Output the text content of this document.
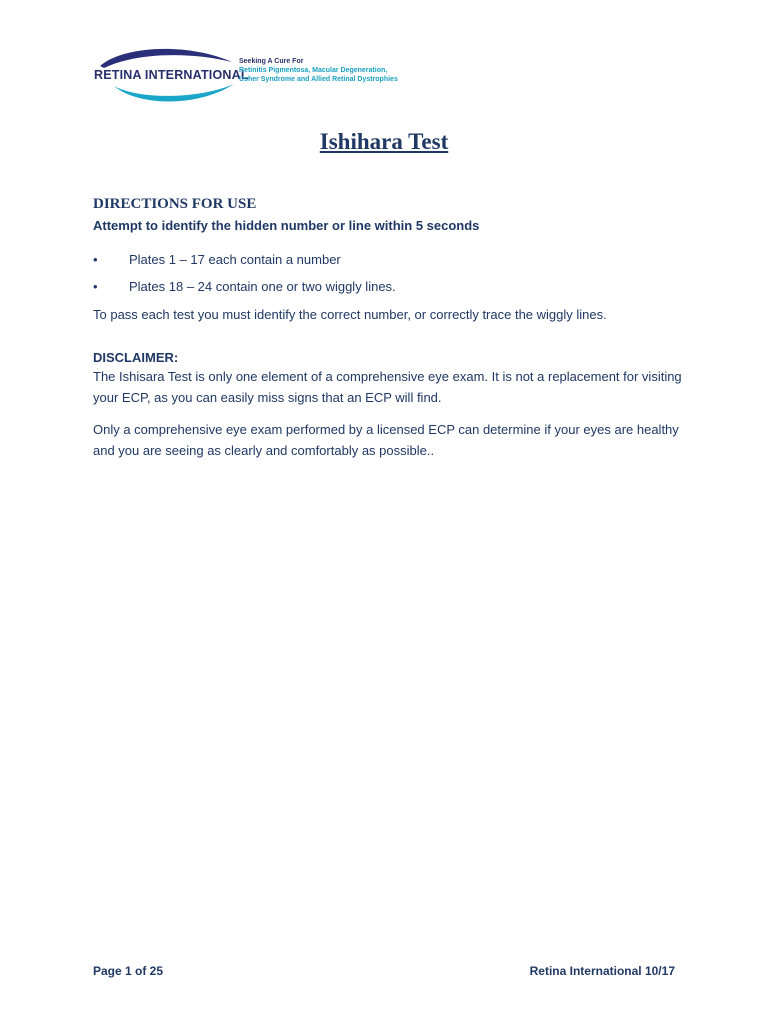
RETINA INTERNATIONAL
Seeking A Cure For
Retinitis Pigmentosa, Macular Degeneration,
Usher Syndrome and Allied Retinal Dystrophies
Ishihara Test
DIRECTIONS FOR USE
Attempt to identify the hidden number or line within 5 seconds
• Plates 1 – 17 each contain a number
• Plates 18 – 24 contain one or two wiggly lines.
To pass each test you must identify the correct number, or correctly trace the wiggly lines.
DISCLAIMER:
The Ishisara Test is only one element of a comprehensive eye exam. It is not a replacement for visiting your ECP, as you can easily miss signs that an ECP will find.
Only a comprehensive eye exam performed by a licensed ECP can determine if your eyes are healthy and you are seeing as clearly and comfortably as possible..
Page 1 of 25	Retina International 10/17
